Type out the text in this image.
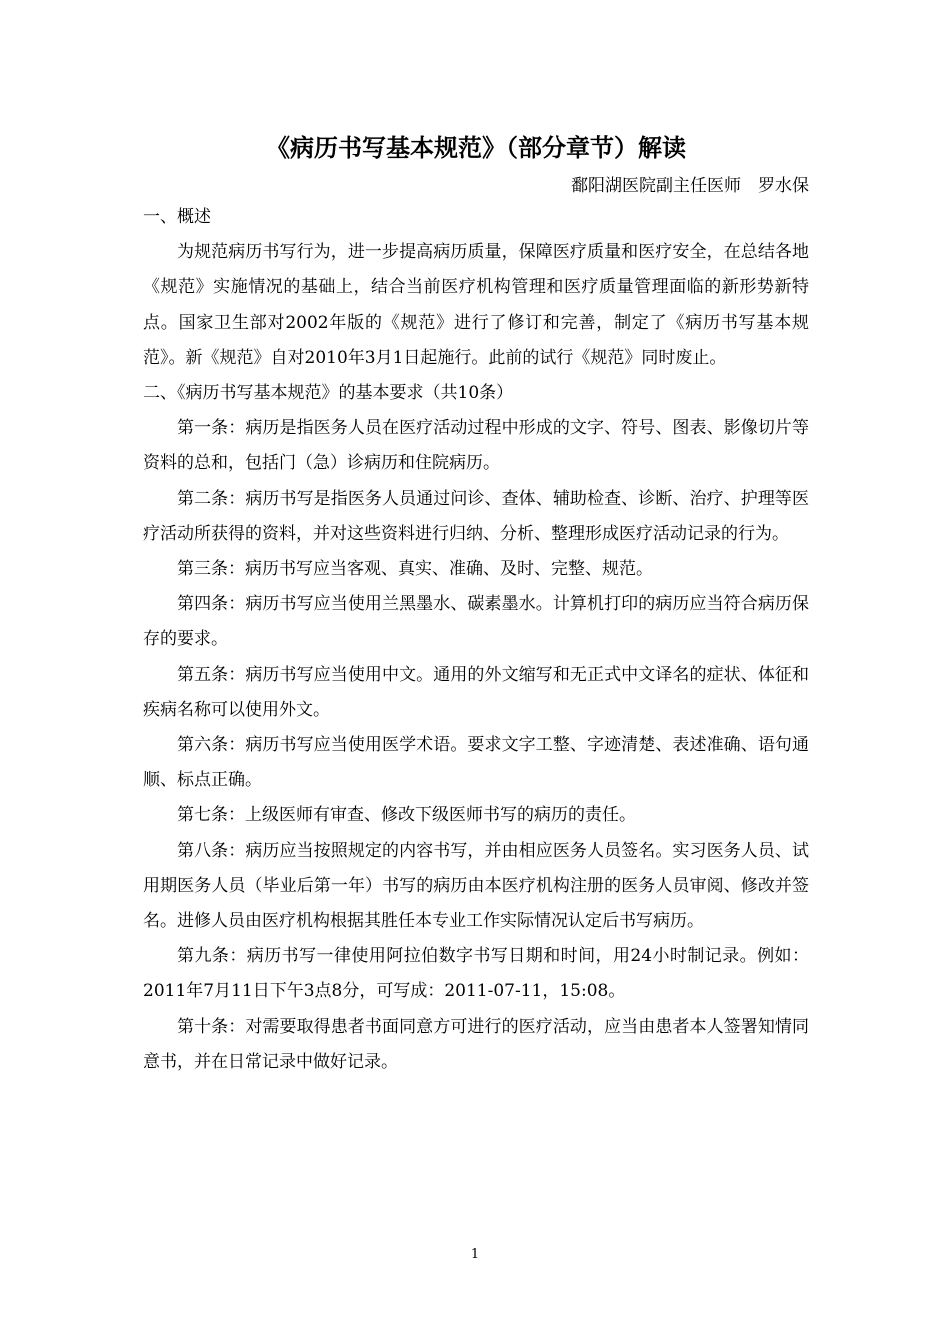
《病历书写基本规范》（部分章节）解读
鄱阳湖医院副主任医师　罗水保

一、概述

为规范病历书写行为，进一步提高病历质量，保障医疗质量和医疗安全，在总结各地《规范》实施情况的基础上，结合当前医疗机构管理和医疗质量管理面临的新形势新特点。国家卫生部对2002年版的《规范》进行了修订和完善，制定了《病历书写基本规范》。新《规范》自对2010年3月1日起施行。此前的试行《规范》同时废止。

二、《病历书写基本规范》的基本要求（共10条）

第一条：病历是指医务人员在医疗活动过程中形成的文字、符号、图表、影像切片等资料的总和，包括门（急）诊病历和住院病历。

第二条：病历书写是指医务人员通过问诊、查体、辅助检查、诊断、治疗、护理等医疗活动所获得的资料，并对这些资料进行归纳、分析、整理形成医疗活动记录的行为。

第三条：病历书写应当客观、真实、准确、及时、完整、规范。

第四条：病历书写应当使用兰黑墨水、碳素墨水。计算机打印的病历应当符合病历保存的要求。

第五条：病历书写应当使用中文。通用的外文缩写和无正式中文译名的症状、体征和疾病名称可以使用外文。

第六条：病历书写应当使用医学术语。要求文字工整、字迹清楚、表述准确、语句通顺、标点正确。

第七条：上级医师有审查、修改下级医师书写的病历的责任。

第八条：病历应当按照规定的内容书写，并由相应医务人员签名。实习医务人员、试用期医务人员（毕业后第一年）书写的病历由本医疗机构注册的医务人员审阅、修改并签名。进修人员由医疗机构根据其胜任本专业工作实际情况认定后书写病历。

第九条：病历书写一律使用阿拉伯数字书写日期和时间，用24小时制记录。例如：2011年7月11日下午3点8分，可写成：2011-07-11，15:08。

第十条：对需要取得患者书面同意方可进行的医疗活动，应当由患者本人签署知情同意书，并在日常记录中做好记录。

1
